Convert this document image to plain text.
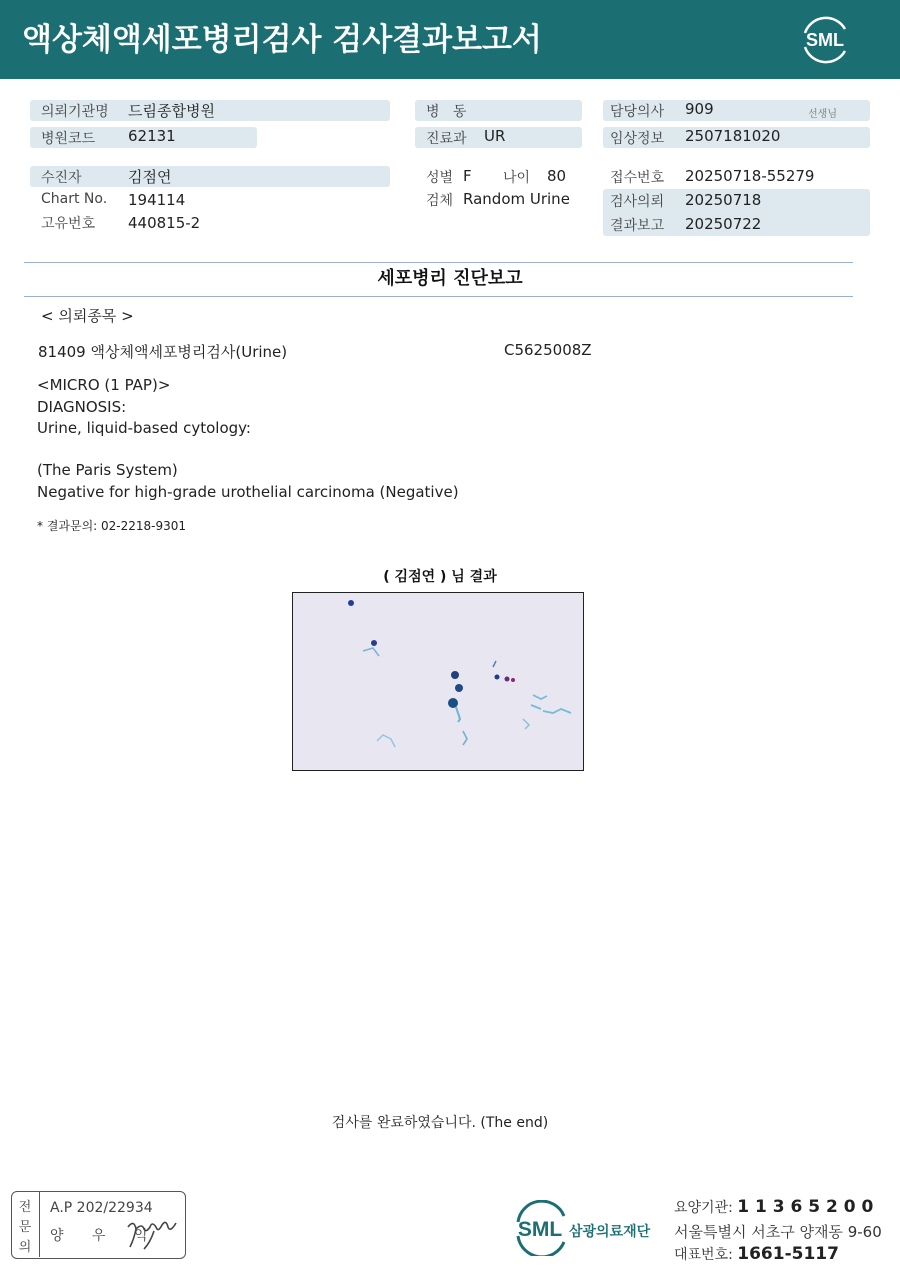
액상체액세포병리검사 검사결과보고서	SML
의뢰기관명 드림종합병원
병원코드 62131
수진자	김점연
Chart No. 194114
고유번호 440815-2
병   동
진료과 UR
성별 F 나이 80
검체 Random Urine
담당의사 909	선생님
임상정보 2507181020
접수번호 20250718-55279
검사의뢰 20250718
결과보고 20250722
세포병리 진단보고
< 의뢰종목 >
81409 액상체액세포병리검사(Urine)	C5625008Z
<MICRO (1 PAP)>
DIAGNOSIS:
Urine, liquid-based cytology:
(The Paris System)
Negative for high-grade urothelial carcinoma (Negative)
* 결과문의: 02-2218-9301
( 김점연 ) 님 결과
검사를 완료하였습니다. (The end)
전
문
의
A.P 202/22934
양 우 익	SML 삼광의료재단
요양기관: 1 1 3 6 5 2 0 0
서울특별시 서초구 양재동 9-60
대표번호: 1661-5117
